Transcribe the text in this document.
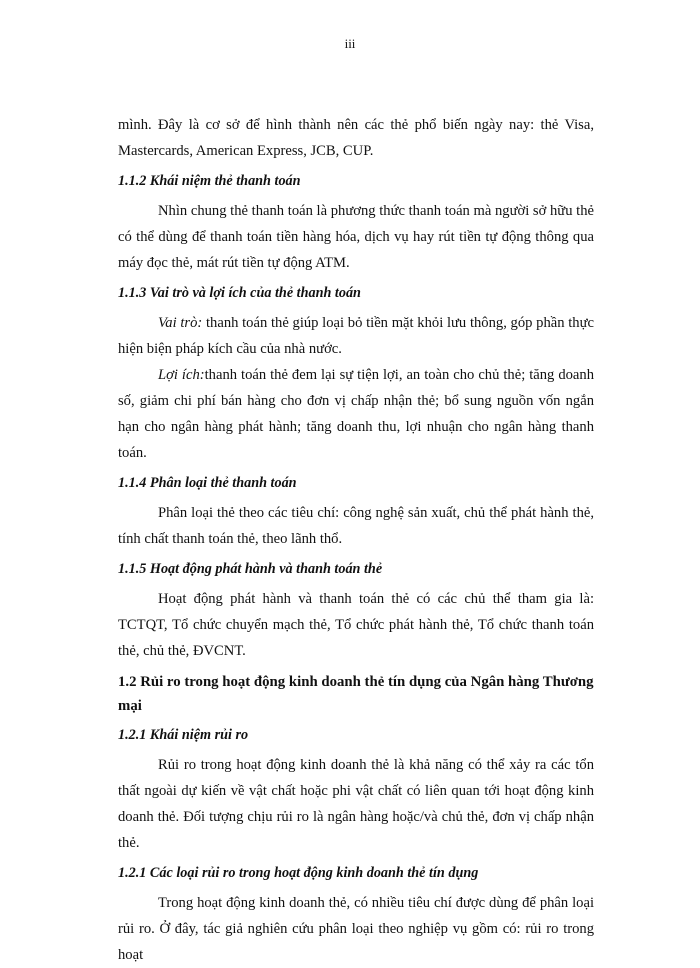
iii

mình. Đây là cơ sở để hình thành nên các thẻ phổ biến ngày nay: thẻ Visa, Mastercards, American Express, JCB, CUP.

1.1.2 Khái niệm thẻ thanh toán

Nhìn chung thẻ thanh toán là phương thức thanh toán mà người sở hữu thẻ có thể dùng để thanh toán tiền hàng hóa, dịch vụ hay rút tiền tự động thông qua máy đọc thẻ, mát rút tiền tự động ATM.

1.1.3 Vai trò và lợi ích của thẻ thanh toán

Vai trò: thanh toán thẻ giúp loại bỏ tiền mặt khỏi lưu thông, góp phần thực hiện biện pháp kích cầu của nhà nước.

Lợi ích:thanh toán thẻ đem lại sự tiện lợi, an toàn cho chủ thẻ; tăng doanh số, giảm chi phí bán hàng cho đơn vị chấp nhận thẻ; bổ sung nguồn vốn ngắn hạn cho ngân hàng phát hành; tăng doanh thu, lợi nhuận cho ngân hàng thanh toán.

1.1.4 Phân loại thẻ thanh toán

Phân loại thẻ theo các tiêu chí: công nghệ sản xuất, chủ thể phát hành thẻ, tính chất thanh toán thẻ, theo lãnh thổ.

1.1.5 Hoạt động phát hành và thanh toán thẻ

Hoạt động phát hành và thanh toán thẻ có các chủ thể tham gia là: TCTQT, Tổ chức chuyển mạch thẻ, Tổ chức phát hành thẻ, Tổ chức thanh toán thẻ, chủ thẻ, ĐVCNT.

1.2 Rủi ro trong hoạt động kinh doanh thẻ tín dụng của Ngân hàng Thương mại

1.2.1 Khái niệm rủi ro

Rủi ro trong hoạt động kinh doanh thẻ là khả năng có thể xảy ra các tổn thất ngoài dự kiến về vật chất hoặc phi vật chất có liên quan tới hoạt động kinh doanh thẻ. Đối tượng chịu rủi ro là ngân hàng hoặc/và chủ thẻ, đơn vị chấp nhận thẻ.

1.2.1 Các loại rủi ro trong hoạt động kinh doanh thẻ tín dụng

Trong hoạt động kinh doanh thẻ, có nhiều tiêu chí được dùng để phân loại rủi ro. Ở đây, tác giả nghiên cứu phân loại theo nghiệp vụ gồm có: rủi ro trong hoạt
